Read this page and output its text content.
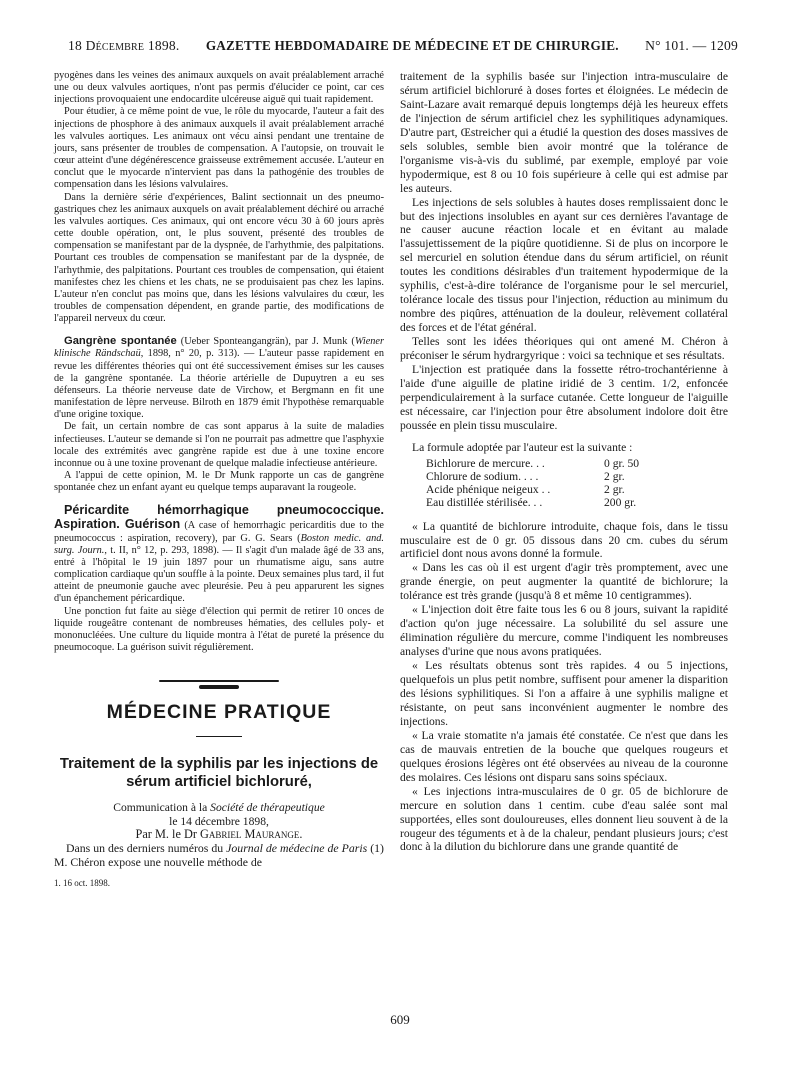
18 Décembre 1898. GAZETTE HEBDOMADAIRE DE MÉDECINE ET DE CHIRURGIE. N° 101. — 1209

pyogènes dans les veines des animaux auxquels on avait préalablement arraché une ou deux valvules aortiques, n'ont pas permis d'élucider ce point, car ces injections provoquaient une endocardite ulcéreuse aiguë qui tuait rapidement.

Pour étudier, à ce même point de vue, le rôle du myocarde, l'auteur a fait des injections de phosphore à des animaux auxquels il avait préalablement arraché les valvules aortiques. Les animaux ont vécu ainsi pendant une trentaine de jours, sans présenter de troubles de compensation. A l'autopsie, on trouvait le cœur atteint d'une dégénérescence graisseuse extrêmement accusée. L'auteur en conclut que le myocarde n'intervient pas dans la pathogénie des troubles de compensation dans les lésions valvulaires.

Dans la dernière série d'expériences, Balint sectionnait un des pneumo-gastriques chez les animaux auxquels on avait préalablement déchiré ou arraché les valvules aortiques. Ces animaux, qui ont encore vécu 30 à 60 jours après cette double opération, ont, le plus souvent, présenté des troubles de compensation se manifestant par de la dyspnée, de l'arhythmie, des palpitations. Pourtant ces troubles de compensation se manifestant par de la dyspnée, de l'arhythmie, des palpitations. Pourtant ces troubles de compensation, qui étaient manifestes chez les chiens et les chats, ne se produisaient pas chez les lapins. L'auteur n'en conclut pas moins que, dans les lésions valvulaires du cœur, les troubles de compensation dépendent, en grande partie, des modifications de l'appareil nerveux du cœur.

Gangrène spontanée (Ueber Sponteangangrän), par J. Munk (Wiener klinische Rändschaü, 1898, n° 20, p. 313). — L'auteur passe rapidement en revue les différentes théories qui ont été successivement émises sur les causes de la gangrène spontanée. La théorie artérielle de Dupuytren a eu ses défenseurs. La théorie nerveuse date de Virchow, et Bergmann en fit une manifestation de lèpre nerveuse. Bilroth en 1879 émit l'hypothèse remarquable d'une origine toxique.

De fait, un certain nombre de cas sont apparus à la suite de maladies infectieuses. L'auteur se demande si l'on ne pourrait pas admettre que l'asphyxie locale des extrémités avec gangrène rapide est due à une toxine encore inconnue ou à une toxine provenant de quelque maladie infectieuse antérieure.

A l'appui de cette opinion, M. le Dr Munk rapporte un cas de gangrène spontanée chez un enfant ayant eu quelque temps auparavant la rougeole.

Péricardite hémorrhagique pneumococcique. Aspiration. Guérison (A case of hemorrhagic pericarditis due to the pneumococcus : aspiration, recovery), par G. G. Sears (Boston medic. and. surg. Journ., t. II, n° 12, p. 293, 1898). — Il s'agit d'un malade âgé de 33 ans, entré à l'hôpital le 19 juin 1897 pour un rhumatisme aigu, sans autre complication cardiaque qu'un souffle à la pointe. Deux semaines plus tard, il fut atteint de pneumonie gauche avec pleurésie. Peu à peu apparurent les signes d'un épanchement péricardique.

Une ponction fut faite au siège d'élection qui permit de retirer 10 onces de liquide rougeâtre contenant de nombreuses hématies, des cellules poly- et mononucléées. Une culture du liquide montra à l'état de pureté la présence du pneumocoque. La guérison suivit régulièrement.

MÉDECINE PRATIQUE
Traitement de la syphilis par les injections de sérum artificiel bichloruré,

Communication à la Société de thérapeutique

le 14 décembre 1898,

Par M. le Dr Gabriel Maurange.

Dans un des derniers numéros du Journal de médecine de Paris (1) M. Chéron expose une nouvelle méthode de

1. 16 oct. 1898.

traitement de la syphilis basée sur l'injection intra-musculaire de sérum artificiel bichloruré à doses fortes et éloignées. Le médecin de Saint-Lazare avait remarqué depuis longtemps déjà les heureux effets de l'injection de sérum artificiel chez les syphilitiques adynamiques. D'autre part, Œstreicher qui a étudié la question des doses massives de sels solubles, semble bien avoir montré que la tolérance de l'organisme vis-à-vis du sublimé, par exemple, employé par voie hypodermique, est 8 ou 10 fois supérieure à celle qui est admise par les auteurs.

Les injections de sels solubles à hautes doses remplissaient donc le but des injections insolubles en ayant sur ces dernières l'avantage de ne causer aucune réaction locale et en évitant au malade l'assujettissement de la piqûre quotidienne. Si de plus on incorpore le sel mercuriel en solution étendue dans du sérum artificiel, on réunit toutes les conditions désirables d'un traitement hypodermique de la syphilis, c'est-à-dire tolérance de l'organisme pour le sel mercuriel, tolérance locale des tissus pour l'injection, réduction au minimum du nombre des piqûres, atténuation de la douleur, relèvement collatéral des forces et de l'état général.

Telles sont les idées théoriques qui ont amené M. Chéron à préconiser le sérum hydrargyrique : voici sa technique et ses résultats.

L'injection est pratiquée dans la fossette rétro-trochantérienne à l'aide d'une aiguille de platine iridié de 3 centim. 1/2, enfoncée perpendiculairement à la surface cutanée. Cette longueur de l'aiguille est nécessaire, car l'injection pour être absolument indolore doit être poussée en plein tissu musculaire.

La formule adoptée par l'auteur est la suivante :

Bichlorure de mercure. . .	0 gr. 50
Chlorure de sodium. . . .	2 gr.
Acide phénique neigeux . .	2 gr.
Eau distillée stérilisée. . .	200 gr.

« La quantité de bichlorure introduite, chaque fois, dans le tissu musculaire est de 0 gr. 05 dissous dans 20 cm. cubes du sérum artificiel dont nous avons donné la formule.

« Dans les cas où il est urgent d'agir très promptement, avec une grande énergie, on peut augmenter la quantité de bichlorure; la tolérance est très grande (jusqu'à 8 et même 10 centigrammes).

« L'injection doit être faite tous les 6 ou 8 jours, suivant la rapidité d'action qu'on juge nécessaire. La solubilité du sel assure une élimination régulière du mercure, comme l'indiquent les nombreuses analyses d'urine que nous avons pratiquées.

« Les résultats obtenus sont très rapides. 4 ou 5 injections, quelquefois un plus petit nombre, suffisent pour amener la disparition des lésions syphilitiques. Si l'on a affaire à une syphilis maligne et résistante, on peut sans inconvénient augmenter le nombre des injections.

« La vraie stomatite n'a jamais été constatée. Ce n'est que dans les cas de mauvais entretien de la bouche que quelques rougeurs et quelques érosions légères ont été observées au niveau de la couronne des molaires. Ces lésions ont disparu sans soins spéciaux.

« Les injections intra-musculaires de 0 gr. 05 de bichlorure de mercure en solution dans 1 centim. cube d'eau salée sont mal supportées, elles sont douloureuses, elles donnent lieu souvent à de la rougeur des téguments et à de la chaleur, pendant plusieurs jours; c'est donc à la dilution du bichlorure dans une grande quantité de

609
